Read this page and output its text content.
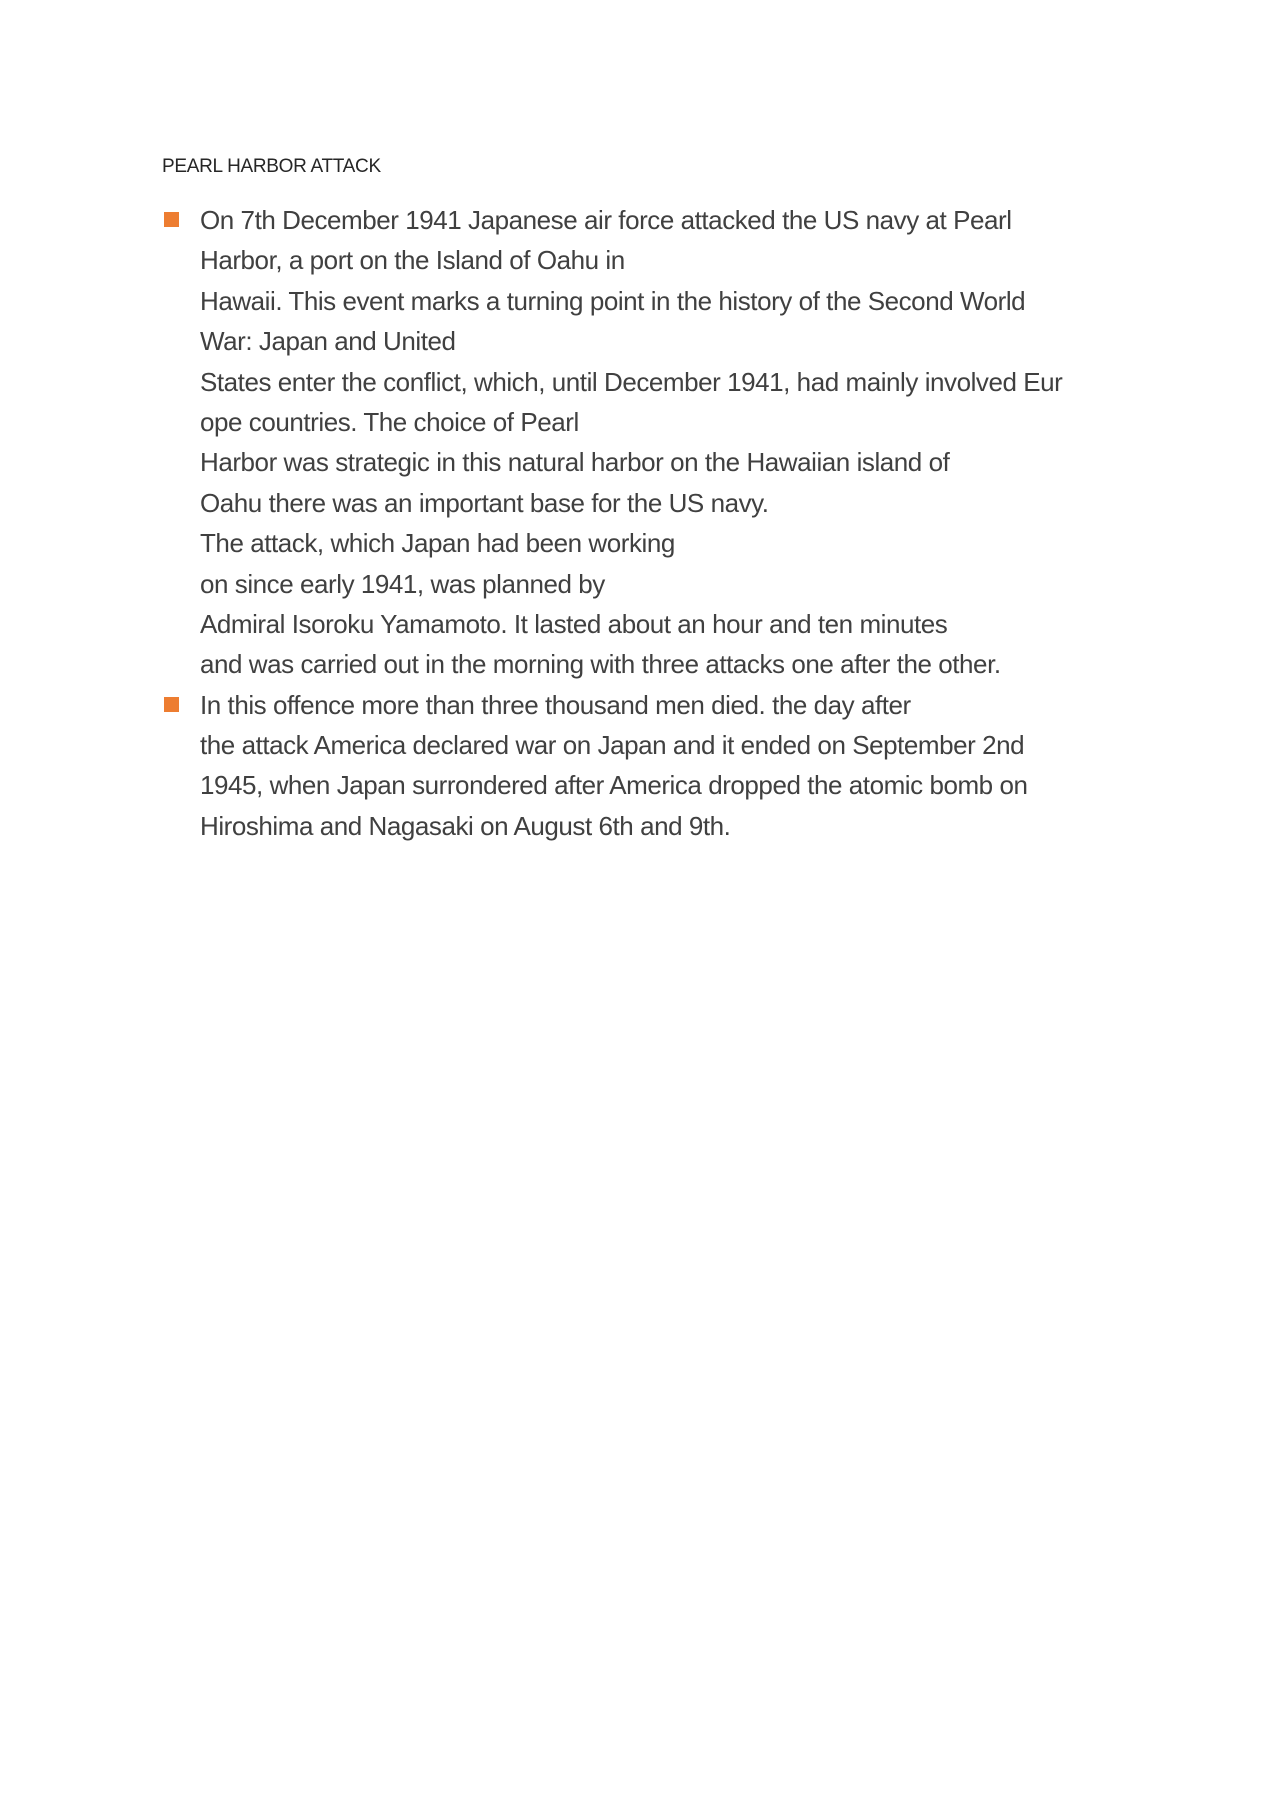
PEARL HARBOR ATTACK
On 7th December 1941 Japanese air force attacked the US navy at Pearl
Harbor, a port on the Island of Oahu in
Hawaii. This event marks a turning point in the history of the Second World
War: Japan and United
States enter the conflict, which, until December 1941, had mainly involved Eur
ope countries. The choice of Pearl
Harbor was strategic in this natural harbor on the Hawaiian island of
Oahu there was an important base for the US navy.
The attack, which Japan had been working
on since early 1941, was planned by
Admiral Isoroku Yamamoto. It lasted about an hour and ten minutes
and was carried out in the morning with three attacks one after the other.
In this offence more than three thousand men died. the day after
the attack America declared war on Japan and it ended on September 2nd
1945, when Japan surrondered after America dropped the atomic bomb on
Hiroshima and Nagasaki on August 6th and 9th.
